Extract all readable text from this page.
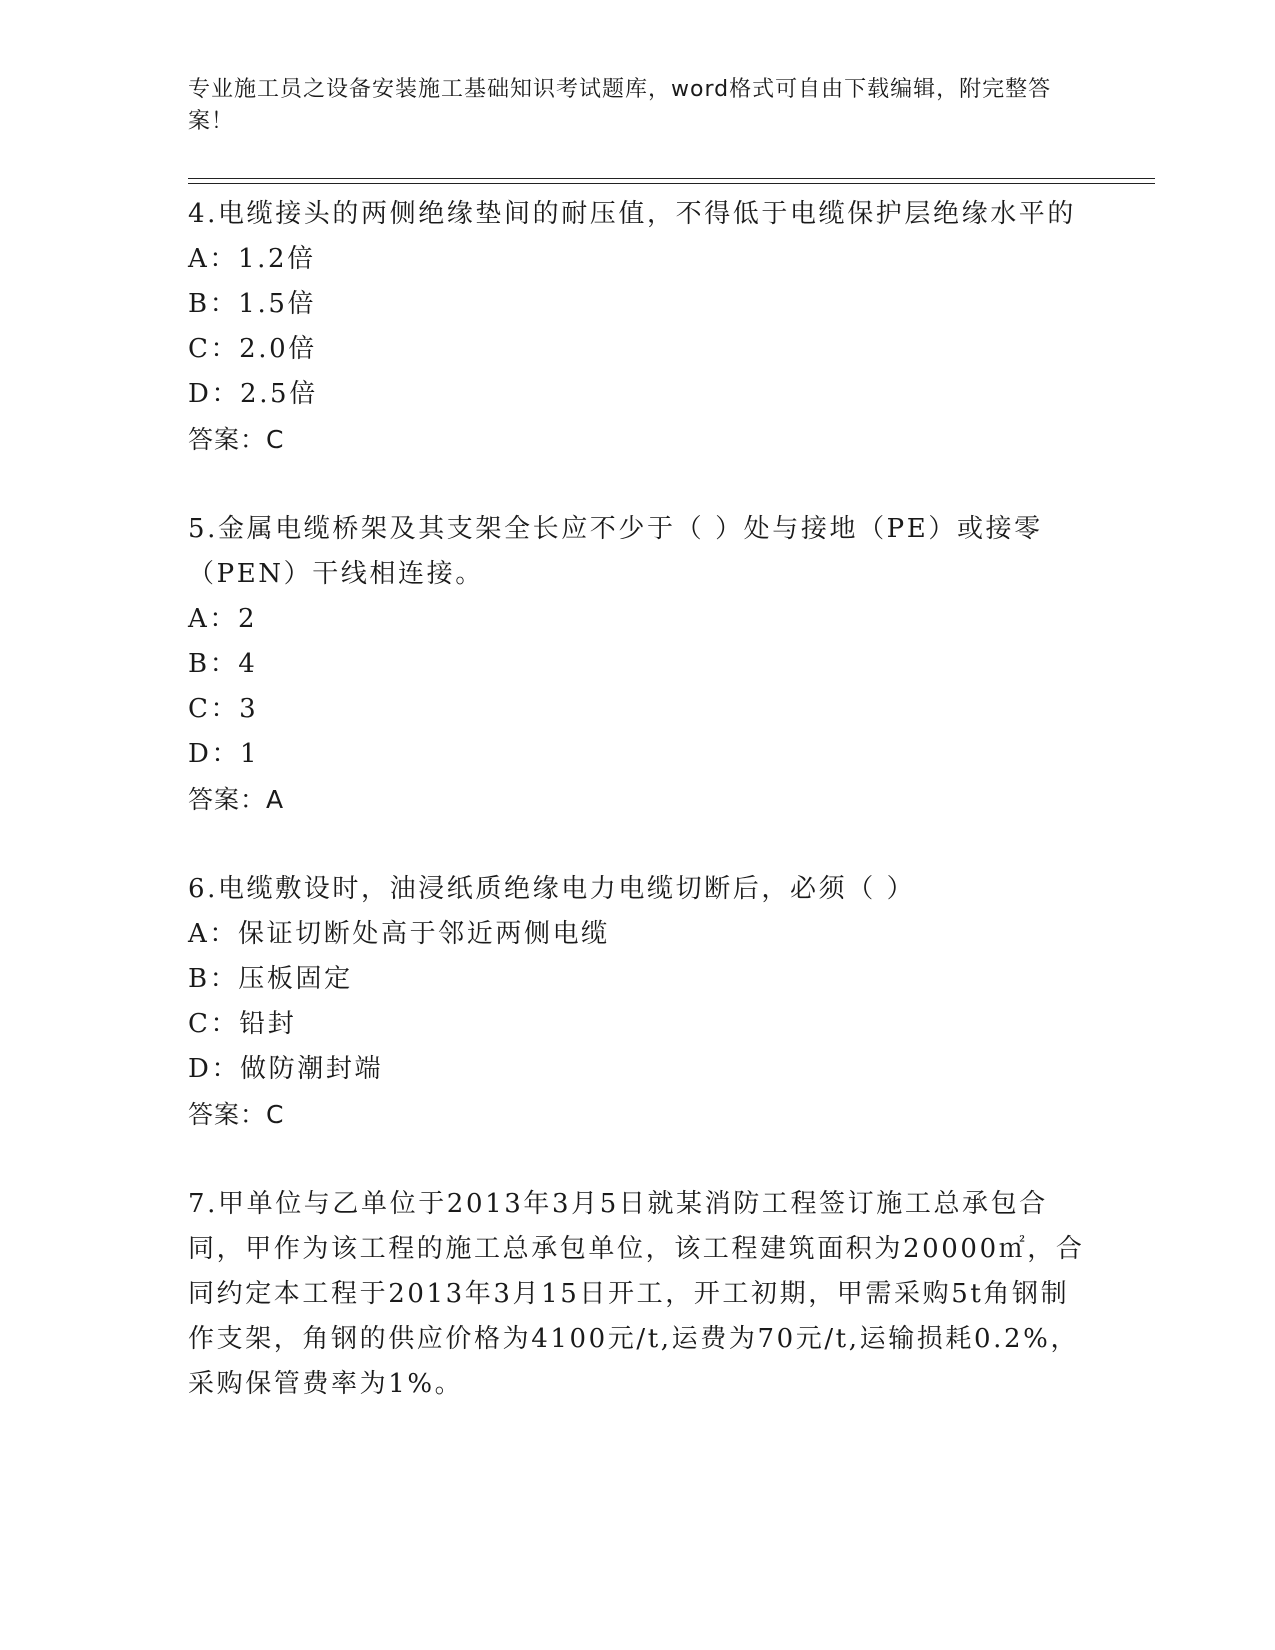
专业施工员之设备安装施工基础知识考试题库，word格式可自由下载编辑，附完整答案！

4.电缆接头的两侧绝缘垫间的耐压值，不得低于电缆保护层绝缘水平的

A：1.2倍

B：1.5倍

C：2.0倍

D：2.5倍

答案：C

5.金属电缆桥架及其支架全长应不少于（ ）处与接地（PE）或接零（PEN）干线相连接。

A：2

B：4

C：3

D：1

答案：A

6.电缆敷设时，油浸纸质绝缘电力电缆切断后，必须（ ）

A：保证切断处高于邻近两侧电缆

B：压板固定

C：铅封

D：做防潮封端

答案：C

7.甲单位与乙单位于2013年3月5日就某消防工程签订施工总承包合同，甲作为该工程的施工总承包单位，该工程建筑面积为20000㎡，合同约定本工程于2013年3月15日开工，开工初期，甲需采购5t角钢制作支架，角钢的供应价格为4100元/t,运费为70元/t,运输损耗0.2%，采购保管费率为1%。
